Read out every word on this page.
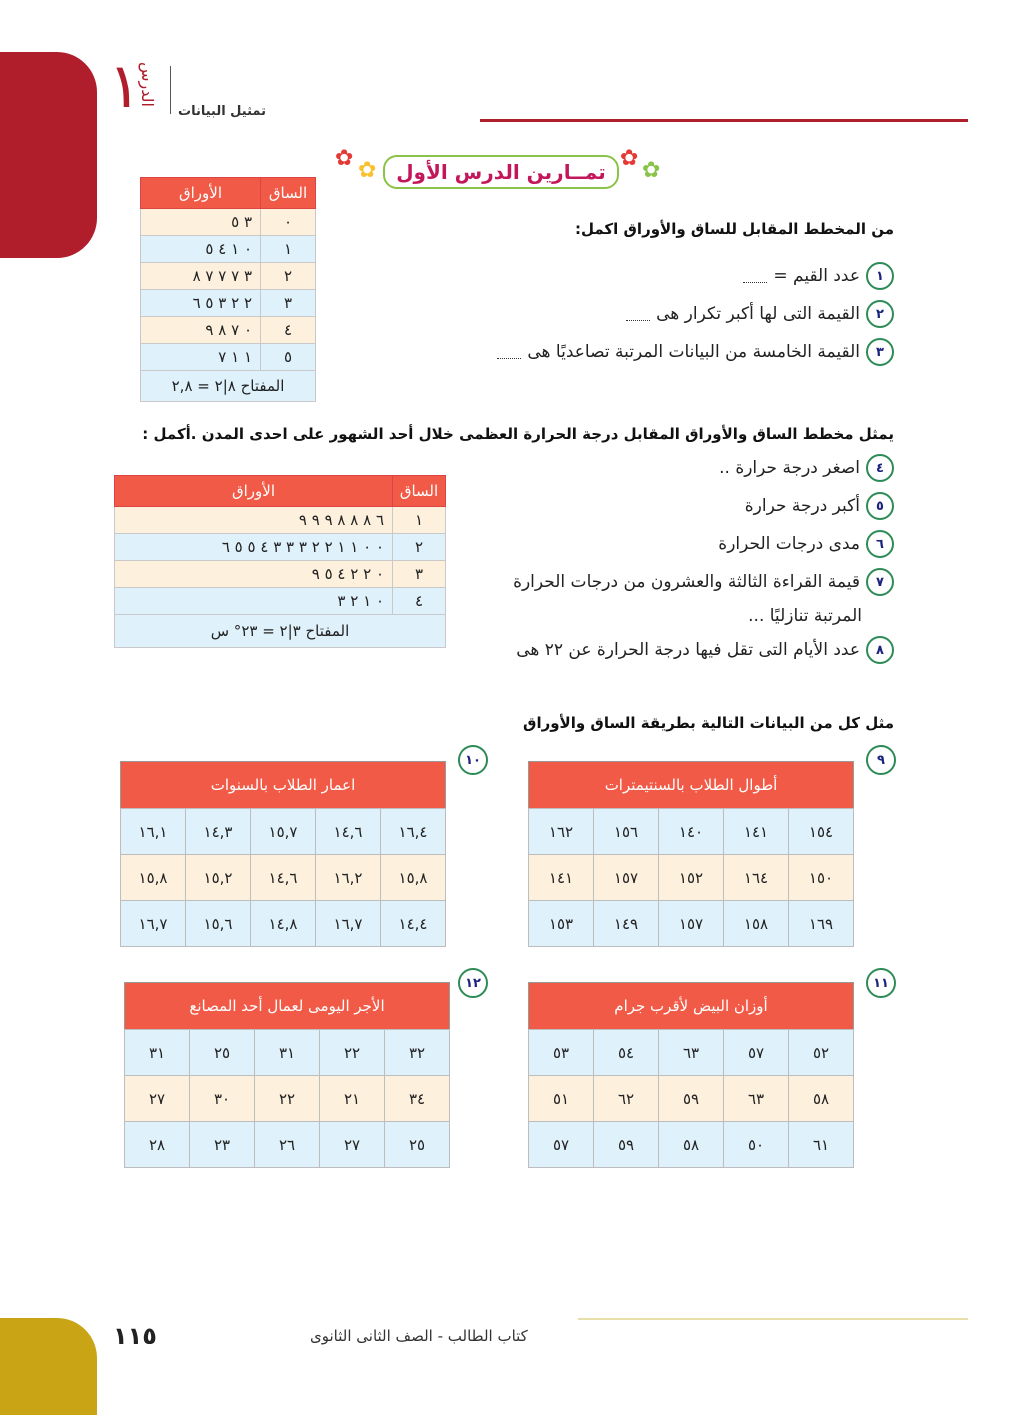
١
الدرس
تمثيل البيانات
✿ ✿ تمــارين الدرس الأول
✿ ✿
من المخطط المقابل للساق والأوراق اكمل:
١
عدد القيم =
٢
القيمة التى لها أكبر تكرار هى
٣
القيمة الخامسة من البيانات المرتبة تصاعديًا هى
الساق	الأوراق
٠	٣ ٥
١	٠ ١ ٤ ٥
٢	٣ ٧ ٧ ٧ ٨
٣	٢ ٢ ٣ ٥ ٦
٤	٠ ٧ ٨ ٩
٥	١ ١ ٧
المفتاح ٨|٢ = ٢,٨	
يمثل مخطط الساق والأوراق المقابل درجة الحرارة العظمى خلال أحد الشهور على احدى المدن .أكمل :
٤
اصغر درجة حرارة ..
٥
أكبر درجة حرارة
٦
مدى درجات الحرارة
٧
قيمة القراءة الثالثة والعشرون من درجات الحرارة
المرتبة تنازليًا ...
٨
عدد الأيام التى تقل فيها درجة الحرارة عن ٢٢ هى
الساق	الأوراق
١	٦ ٨ ٨ ٨ ٩ ٩ ٩
٢	٠ ٠ ١ ١ ٢ ٢ ٣ ٣ ٣ ٤ ٥ ٥ ٦
٣	٠ ٢ ٢ ٤ ٥ ٩
٤	٠ ١ ٢ ٣
المفتاح ٣|٢ = ٢٣° س	
مثل كل من البيانات التالية بطريقة الساق والأوراق
٩
أطوال الطلاب بالسنتيمترات				
١٥٤	١٤١	١٤٠	١٥٦	١٦٢
١٥٠	١٦٤	١٥٢	١٥٧	١٤١
١٦٩	١٥٨	١٥٧	١٤٩	١٥٣
١٠
اعمار الطلاب بالسنوات				
١٦,٤	١٤,٦	١٥,٧	١٤,٣	١٦,١
١٥,٨	١٦,٢	١٤,٦	١٥,٢	١٥,٨
١٤,٤	١٦,٧	١٤,٨	١٥,٦	١٦,٧
١١
أوزان البيض لأقرب جرام				
٥٢	٥٧	٦٣	٥٤	٥٣
٥٨	٦٣	٥٩	٦٢	٥١
٦١	٥٠	٥٨	٥٩	٥٧
١٢
الأجر اليومى لعمال أحد المصانع				
٣٢	٢٢	٣١	٢٥	٣١
٣٤	٢١	٢٢	٣٠	٢٧
٢٥	٢٧	٢٦	٢٣	٢٨
١١٥	كتاب الطالب - الصف الثانى الثانوى
